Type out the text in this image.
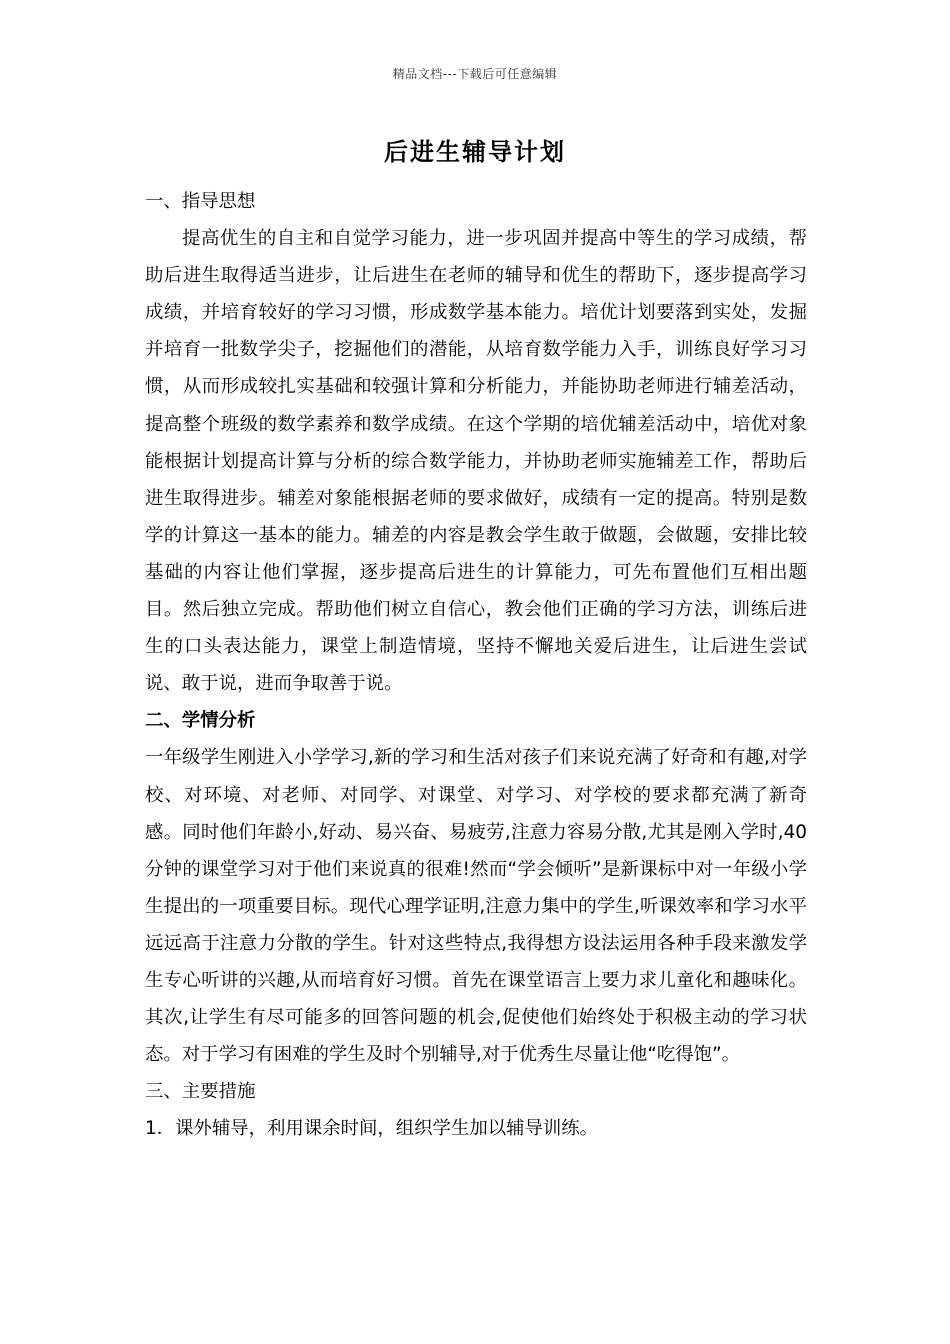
精品文档---下载后可任意编辑
后进生辅导计划

一、指导思想

提高优生的自主和自觉学习能力，进一步巩固并提高中等生的学习成绩，帮助后进生取得适当进步，让后进生在老师的辅导和优生的帮助下，逐步提高学习成绩，并培育较好的学习习惯，形成数学基本能力。培优计划要落到实处，发掘并培育一批数学尖子，挖掘他们的潜能，从培育数学能力入手，训练良好学习习惯，从而形成较扎实基础和较强计算和分析能力，并能协助老师进行辅差活动，提高整个班级的数学素养和数学成绩。在这个学期的培优辅差活动中，培优对象能根据计划提高计算与分析的综合数学能力，并协助老师实施辅差工作，帮助后进生取得进步。辅差对象能根据老师的要求做好，成绩有一定的提高。特别是数学的计算这一基本的能力。辅差的内容是教会学生敢于做题，会做题，安排比较基础的内容让他们掌握，逐步提高后进生的计算能力，可先布置他们互相出题目。然后独立完成。帮助他们树立自信心，教会他们正确的学习方法，训练后进生的口头表达能力，课堂上制造情境，坚持不懈地关爱后进生，让后进生尝试说、敢于说，进而争取善于说。

二、学情分析

一年级学生刚进入小学学习,新的学习和生活对孩子们来说充满了好奇和有趣,对学校、对环境、对老师、对同学、对课堂、对学习、对学校的要求都充满了新奇感。同时他们年龄小,好动、易兴奋、易疲劳,注意力容易分散,尤其是刚入学时,40分钟的课堂学习对于他们来说真的很难!然而“学会倾听”是新课标中对一年级小学生提出的一项重要目标。现代心理学证明,注意力集中的学生,听课效率和学习水平远远高于注意力分散的学生。针对这些特点,我得想方设法运用各种手段来激发学生专心听讲的兴趣,从而培育好习惯。首先在课堂语言上要力求儿童化和趣味化。其次,让学生有尽可能多的回答问题的机会,促使他们始终处于积极主动的学习状态。对于学习有困难的学生及时个别辅导,对于优秀生尽量让他“吃得饱”。

三、主要措施

1．课外辅导，利用课余时间，组织学生加以辅导训练。
